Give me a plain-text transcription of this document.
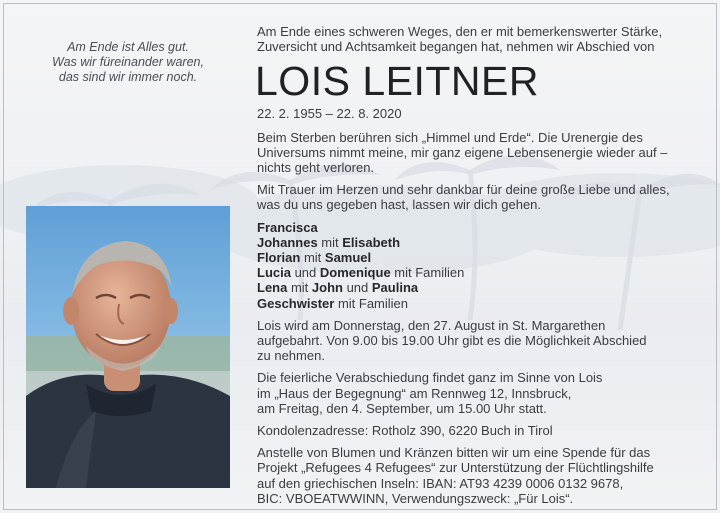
Am Ende ist Alles gut.
Was wir füreinander waren,
das sind wir immer noch.

Am Ende eines schweren Weges, den er mit bemerkenswerter Stärke,
Zuversicht und Achtsamkeit begangen hat, nehmen wir Abschied von

LOIS LEITNER
22. 2. 1955 – 22. 8. 2020

Beim Sterben berühren sich „Himmel und Erde“. Die Urenergie des
Universums nimmt meine, mir ganz eigene Lebensenergie wieder auf –
nichts geht verloren.

Mit Trauer im Herzen und sehr dankbar für deine große Liebe und alles,
was du uns gegeben hast, lassen wir dich gehen.

Francisca
Johannes mit Elisabeth
Florian mit Samuel
Lucia und Domenique mit Familien
Lena mit John und Paulina
Geschwister mit Familien

Lois wird am Donnerstag, den 27. August in St. Margarethen
aufgebahrt. Von 9.00 bis 19.00 Uhr gibt es die Möglichkeit Abschied
zu nehmen.

Die feierliche Verabschiedung findet ganz im Sinne von Lois
im „Haus der Begegnung“ am Rennweg 12, Innsbruck,
am Freitag, den 4. September, um 15.00 Uhr statt.

Kondolenzadresse: Rotholz 390, 6220 Buch in Tirol

Anstelle von Blumen und Kränzen bitten wir um eine Spende für das
Projekt „Refugees 4 Refugees“ zur Unterstützung der Flüchtlingshilfe
auf den griechischen Inseln: IBAN: AT93 4239 0006 0132 9678,
BIC: VBOEATWWINN, Verwendungszweck: „Für Lois“.
